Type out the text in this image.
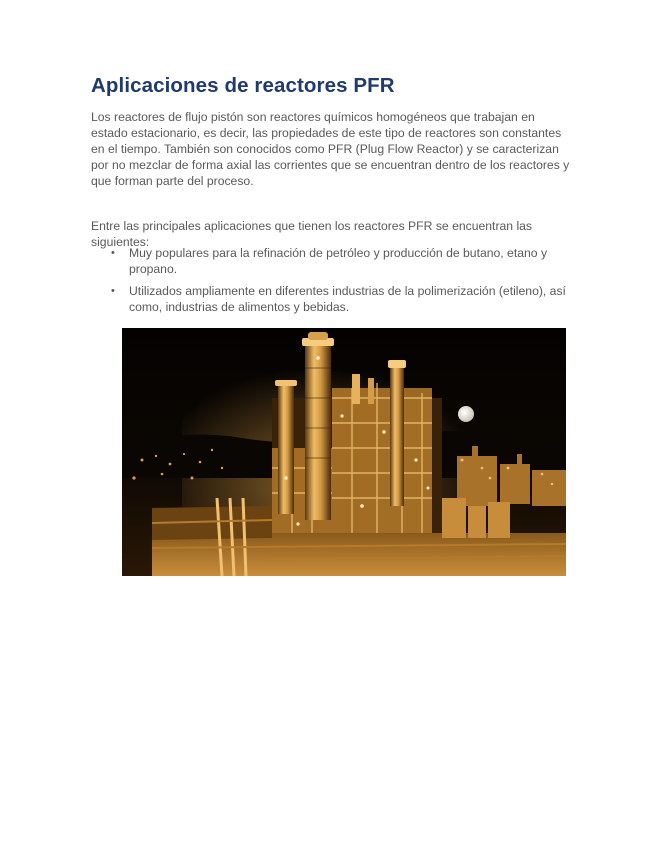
Aplicaciones de reactores PFR

Los reactores de flujo pistón son reactores químicos homogéneos que trabajan en estado estacionario, es decir, las propiedades de este tipo de reactores son constantes en el tiempo. También son conocidos como PFR (Plug Flow Reactor) y se caracterizan por no mezclar de forma axial las corrientes que se encuentran dentro de los reactores y que forman parte del proceso.

Entre las principales aplicaciones que tienen los reactores PFR se encuentran las siguientes:

• Muy populares para la refinación de petróleo y producción de butano, etano y propano.
• Utilizados ampliamente en diferentes industrias de la polimerización (etileno), así como, industrias de alimentos y bebidas.
